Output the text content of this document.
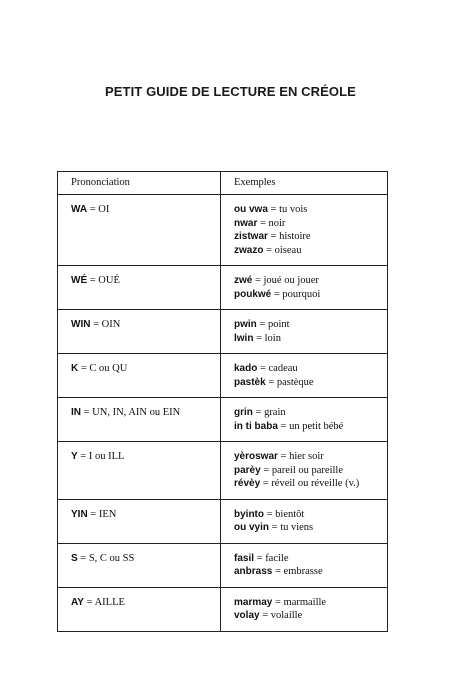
PETIT GUIDE DE LECTURE EN CRÉOLE
Prononciation	Exemples
WA = OI	ou vwa = tu vois
nwar = noir
zistwar = histoire
zwazo = oiseau

WÉ = OUÉ	zwé = joué ou jouer
poukwé = pourquoi

WIN = OIN	pwin = point
lwin = loin

K = C ou QU	kado = cadeau
pastèk = pastèque

IN = UN, IN, AIN ou EIN	grin = grain
in ti baba = un petit bébé

Y = I ou ILL	yèroswar = hier soir
parèy = pareil ou pareille
révèy = réveil ou réveille (v.)

YIN = IEN	byinto = bientôt
ou vyin = tu viens

S = S, C ou SS	fasil = facile
anbrass = embrasse

AY = AILLE	marmay = marmaille
volay = volaille
